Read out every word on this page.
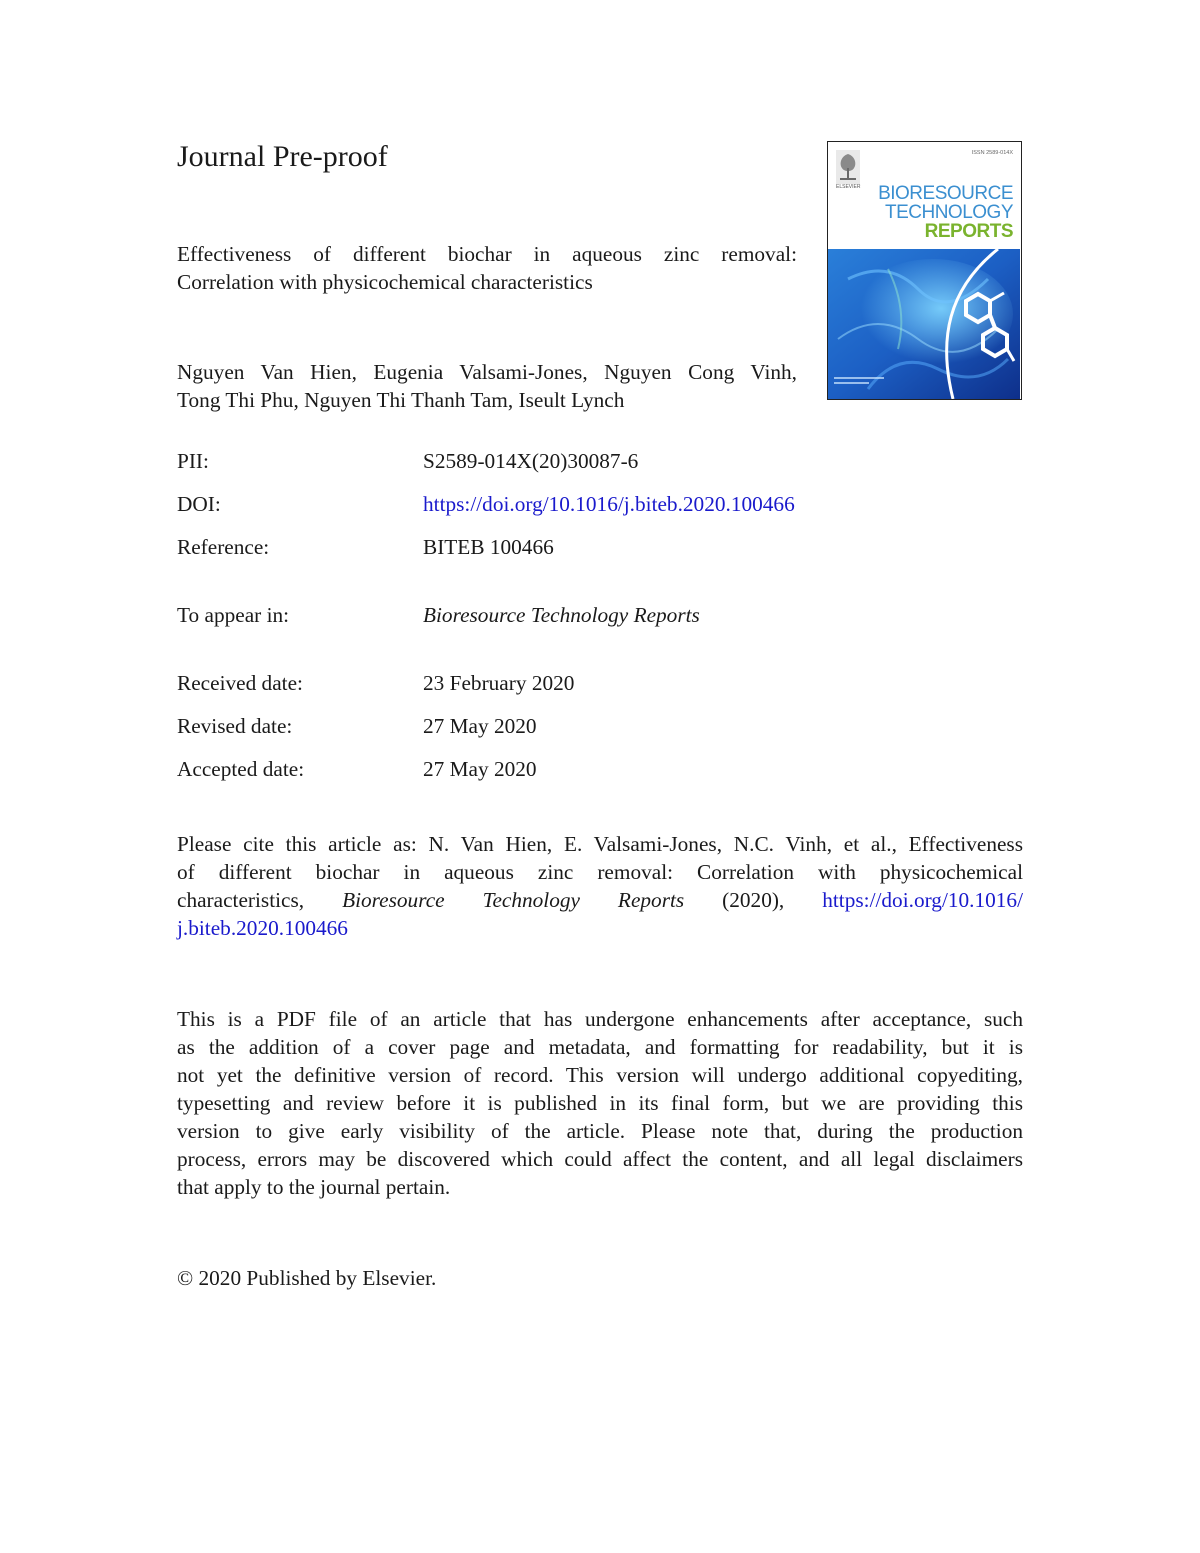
Journal Pre-proof
Effectiveness of different biochar in aqueous zinc removal:
Correlation with physicochemical characteristics
Nguyen Van Hien, Eugenia Valsami-Jones, Nguyen Cong Vinh,
Tong Thi Phu, Nguyen Thi Thanh Tam, Iseult Lynch
ELSEVIER
ISSN 2589-014X
BIORESOURCE
TECHNOLOGY
REPORTS
PII:	S2589-014X(20)30087-6
DOI:	https://doi.org/10.1016/j.biteb.2020.100466
Reference:	BITEB 100466
To appear in:	Bioresource Technology Reports
Received date:	23 February 2020
Revised date:	27 May 2020
Accepted date:	27 May 2020
Please cite this article as: N. Van Hien, E. Valsami-Jones, N.C. Vinh, et al., Effectiveness
of different biochar in aqueous zinc removal: Correlation with physicochemical
characteristics, Bioresource Technology Reports (2020), https://doi.org/10.1016/
j.biteb.2020.100466
This is a PDF file of an article that has undergone enhancements after acceptance, such
as the addition of a cover page and metadata, and formatting for readability, but it is
not yet the definitive version of record. This version will undergo additional copyediting,
typesetting and review before it is published in its final form, but we are providing this
version to give early visibility of the article. Please note that, during the production
process, errors may be discovered which could affect the content, and all legal disclaimers
that apply to the journal pertain.
© 2020 Published by Elsevier.
